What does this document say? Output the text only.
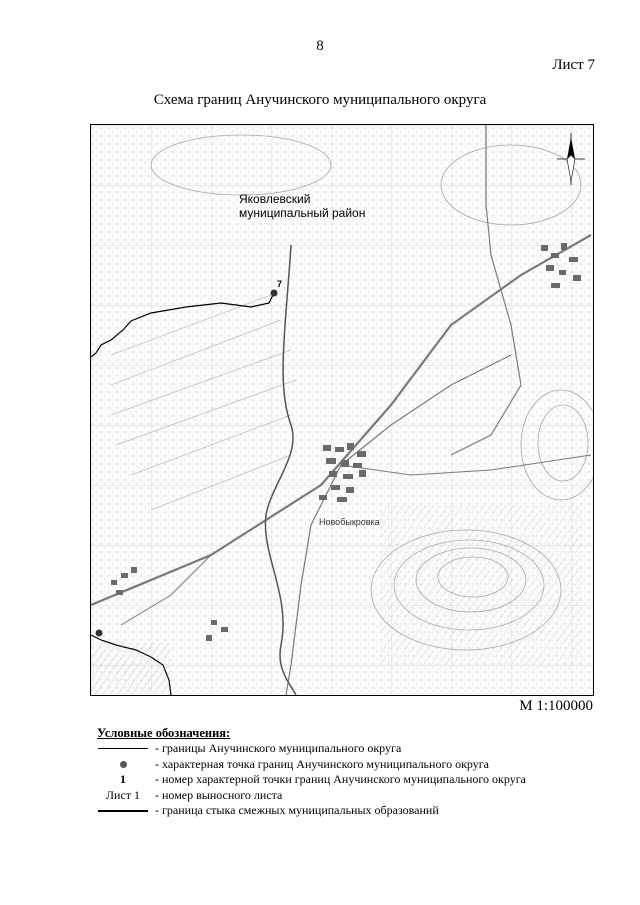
8
Лист 7
Схема границ Анучинского муниципального округа
7
Яковлевский
муниципальный район
Новобыкровка
М 1:100000
Условные обозначения:
- границы Анучинского муниципального округа
- характерная точка границ Анучинского муниципального округа
1 - номер характерной точки границ Анучинского муниципального округа
Лист 1 - номер выносного листа
- граница стыка смежных муниципальных образований
